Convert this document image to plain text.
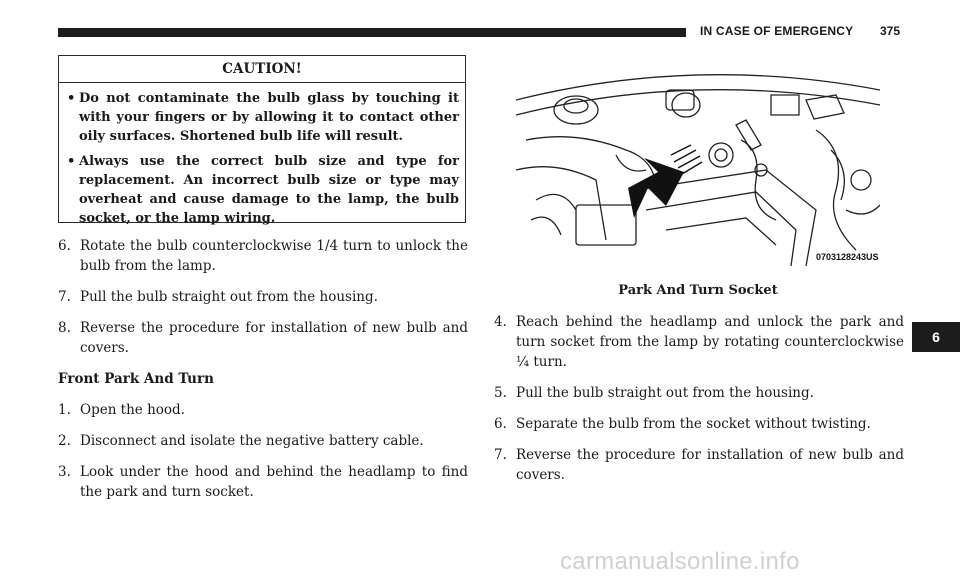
IN CASE OF EMERGENCY 375
CAUTION!
• Do not contaminate the bulb glass by touching it with your fingers or by allowing it to contact other oily surfaces. Shortened bulb life will result.
• Always use the correct bulb size and type for replacement. An incorrect bulb size or type may overheat and cause damage to the lamp, the bulb socket, or the lamp wiring.
6. Rotate the bulb counterclockwise 1/4 turn to unlock the bulb from the lamp.
7. Pull the bulb straight out from the housing.
8. Reverse the procedure for installation of new bulb and covers.
Front Park And Turn
1. Open the hood.
2. Disconnect and isolate the negative battery cable.
3. Look under the hood and behind the headlamp to find the park and turn socket.
0703128243US
Park And Turn Socket
4. Reach behind the headlamp and unlock the park and turn socket from the lamp by rotating counterclockwise ¼ turn.
5. Pull the bulb straight out from the housing.
6. Separate the bulb from the socket without twisting.
7. Reverse the procedure for installation of new bulb and covers.
6
carmanualsonline.info
